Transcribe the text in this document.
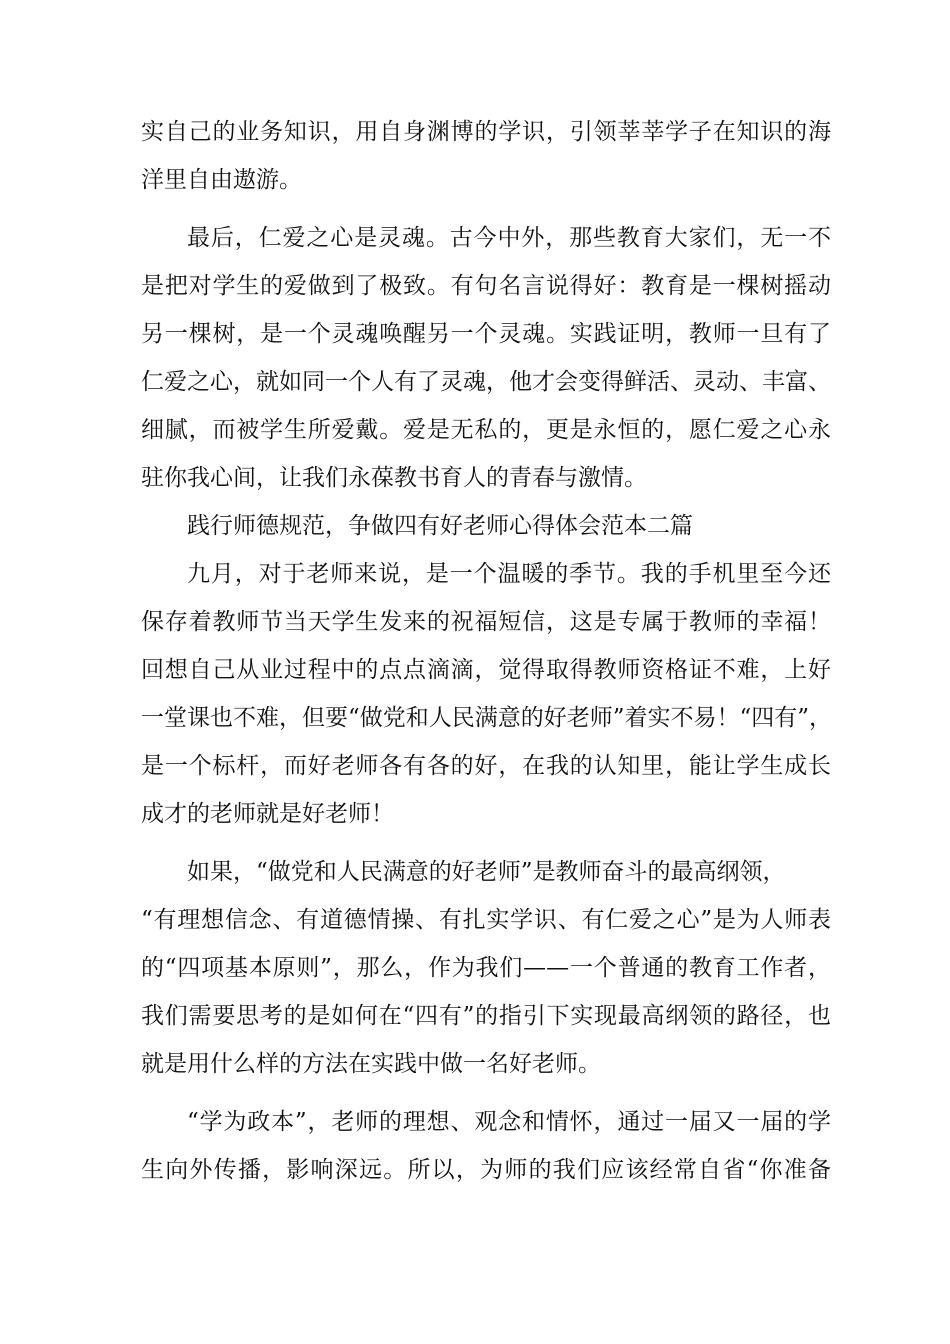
实自己的业务知识，用自身渊博的学识，引领莘莘学子在知识的海
洋里自由遨游。
最后，仁爱之心是灵魂。古今中外，那些教育大家们，无一不
是把对学生的爱做到了极致。有句名言说得好：教育是一棵树摇动
另一棵树，是一个灵魂唤醒另一个灵魂。实践证明，教师一旦有了
仁爱之心，就如同一个人有了灵魂，他才会变得鲜活、灵动、丰富、
细腻，而被学生所爱戴。爱是无私的，更是永恒的，愿仁爱之心永
驻你我心间，让我们永葆教书育人的青春与激情。
践行师德规范，争做四有好老师心得体会范本二篇
九月，对于老师来说，是一个温暖的季节。我的手机里至今还
保存着教师节当天学生发来的祝福短信，这是专属于教师的幸福！
回想自己从业过程中的点点滴滴，觉得取得教师资格证不难，上好
一堂课也不难，但要“做党和人民满意的好老师”着实不易！“四有”，
是一个标杆，而好老师各有各的好，在我的认知里，能让学生成长
成才的老师就是好老师！
如果，“做党和人民满意的好老师”是教师奋斗的最高纲领，
“有理想信念、有道德情操、有扎实学识、有仁爱之心”是为人师表
的“四项基本原则”，那么，作为我们——一个普通的教育工作者，
我们需要思考的是如何在“四有”的指引下实现最高纲领的路径，也
就是用什么样的方法在实践中做一名好老师。
“学为政本”，老师的理想、观念和情怀，通过一届又一届的学
生向外传播，影响深远。所以，为师的我们应该经常自省“你准备
